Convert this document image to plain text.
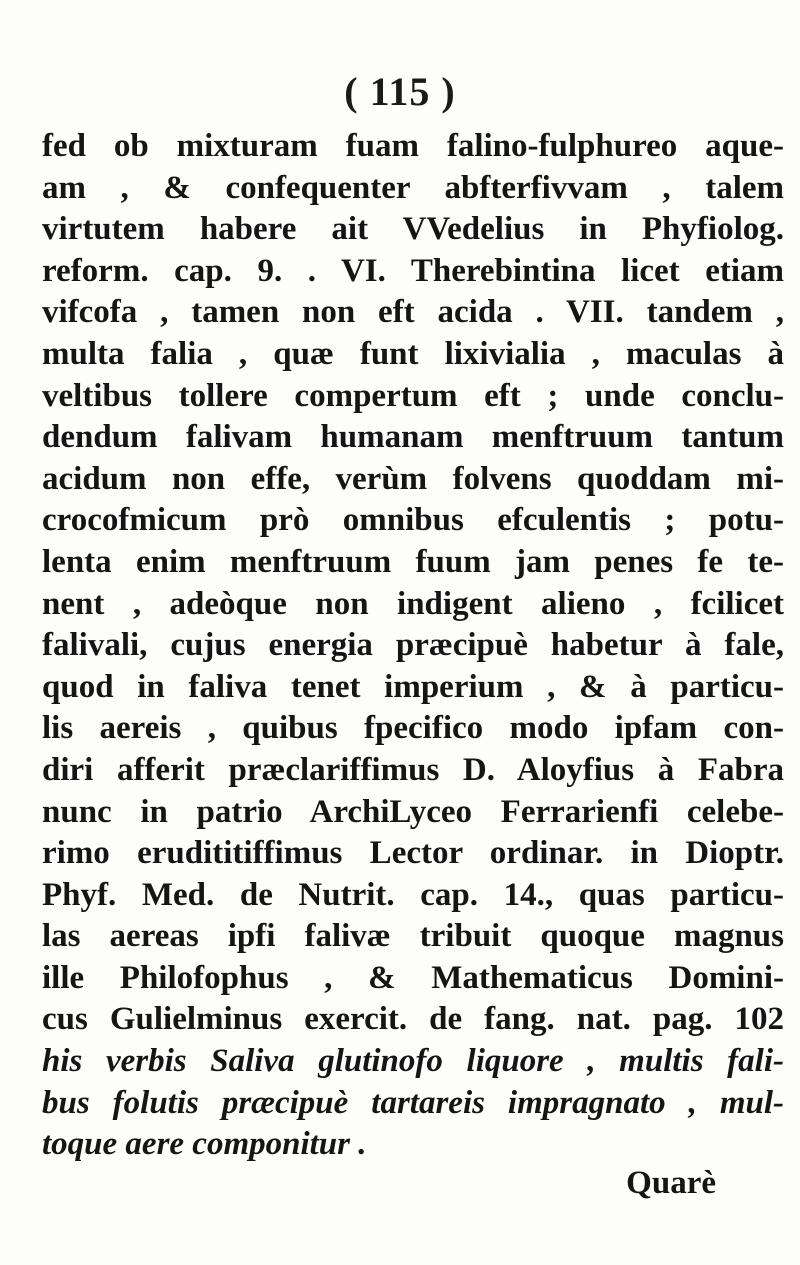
( 115 )
fed ob mixturam fuam falino-fulphureo aque-
am , & confequenter abfterfivvam , talem
virtutem habere ait VVedelius in Phyfiolog.
reform. cap. 9. . VI. Therebintina licet etiam
vifcofa , tamen non eft acida . VII. tandem ,
multa falia , quæ funt lixivialia , maculas à
veltibus tollere compertum eft ; unde conclu-
dendum falivam humanam menftruum tantum
acidum non effe, verùm folvens quoddam mi-
crocofmicum prò omnibus efculentis ; potu-
lenta enim menftruum fuum jam penes fe te-
nent , adeòque non indigent alieno , fcilicet
falivali, cujus energia præcipuè habetur à fale,
quod in faliva tenet imperium , & à particu-
lis aereis , quibus fpecifico modo ipfam con-
diri afferit præclariffimus D. Aloyfius à Fabra
nunc in patrio ArchiLyceo Ferrarienfi celebe-
rimo erudititiffimus Lector ordinar. in Dioptr.
Phyf. Med. de Nutrit. cap. 14., quas particu-
las aereas ipfi falivæ tribuit quoque magnus
ille Philofophus , & Mathematicus Domini-
cus Gulielminus exercit. de fang. nat. pag. 102
his verbis Saliva glutinofo liquore , multis fali-
bus folutis præcipuè tartareis impragnato , mul-
toque aere componitur .
Quarè
